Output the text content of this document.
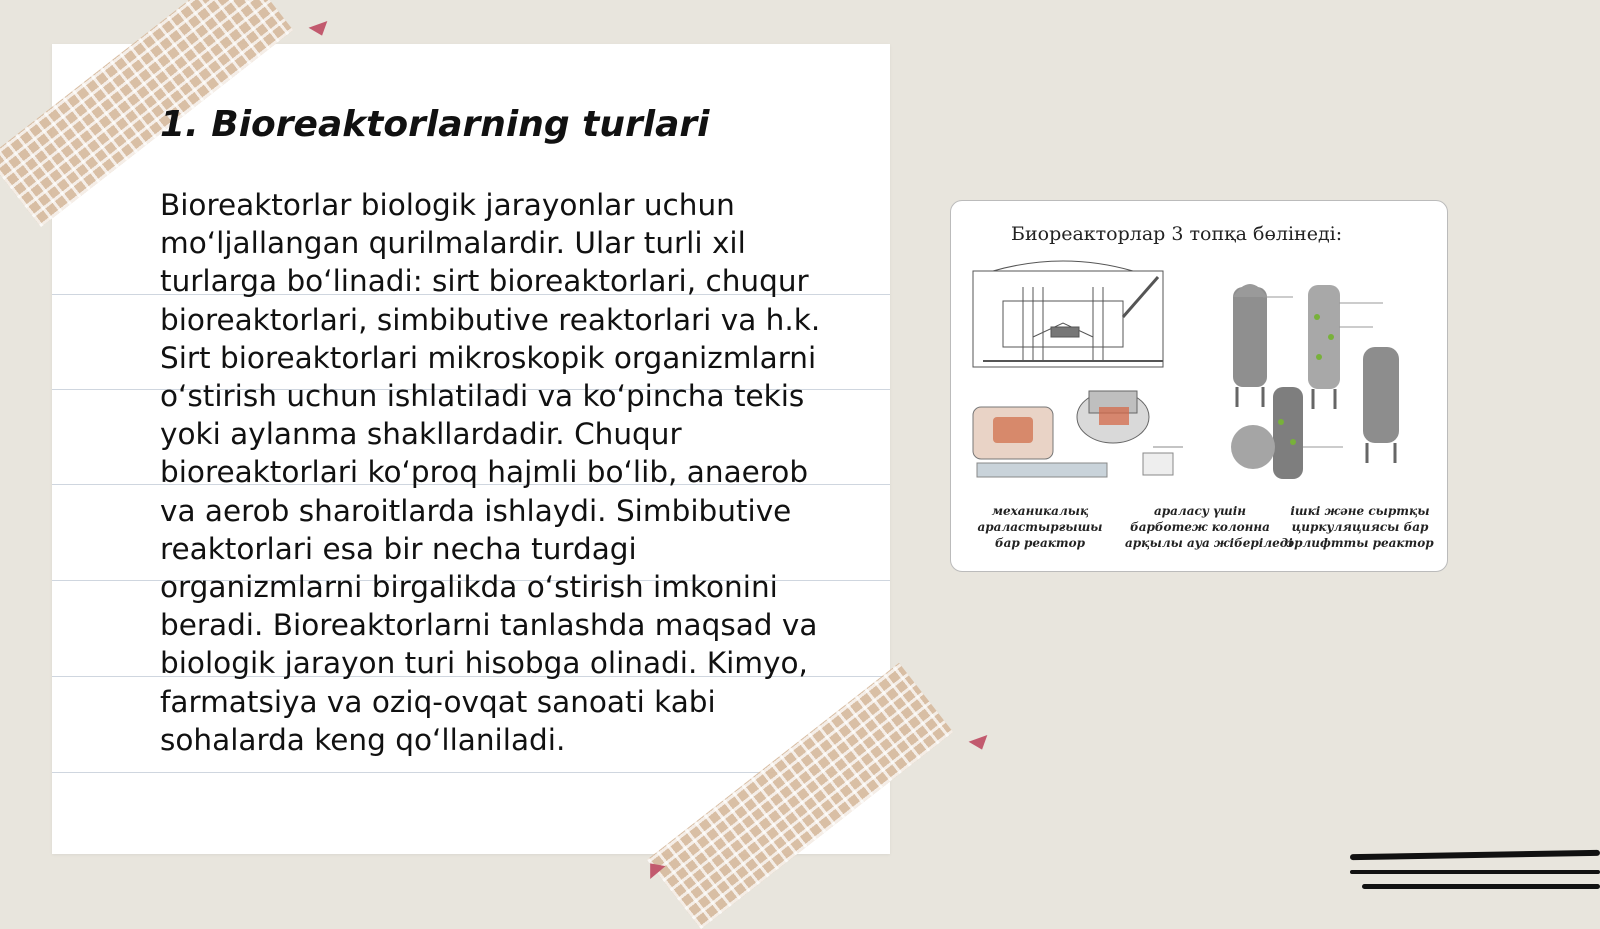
1. Bioreaktorlarning turlari
Bioreaktorlar biologik jarayonlar uchun
mo‘ljallangan qurilmalardir. Ular turli xil
turlarga bo‘linadi: sirt bioreaktorlari, chuqur
bioreaktorlari, simbibutive reaktorlari va h.k.
Sirt bioreaktorlari mikroskopik organizmlarni
o‘stirish uchun ishlatiladi va ko‘pincha tekis
yoki aylanma shakllardadir. Chuqur
bioreaktorlari ko‘proq hajmli bo‘lib, anaerob
va aerob sharoitlarda ishlaydi. Simbibutive
reaktorlari esa bir necha turdagi
organizmlarni birgalikda o‘stirish imkonini
beradi. Bioreaktorlarni tanlashda maqsad va
biologik jarayon turi hisobga olinadi. Kimyo,
farmatsiya va oziq-ovqat sanoati kabi
sohalarda keng qo‘llaniladi.
Биореакторлар 3 топқа бөлінеді:
механикалық
араластырғышы
бар реактор
араласу үшін
барботеж колонна
арқылы ауа жіберіледі
ішкі және сыртқы
циркуляциясы бар
эрлифтты реактор
